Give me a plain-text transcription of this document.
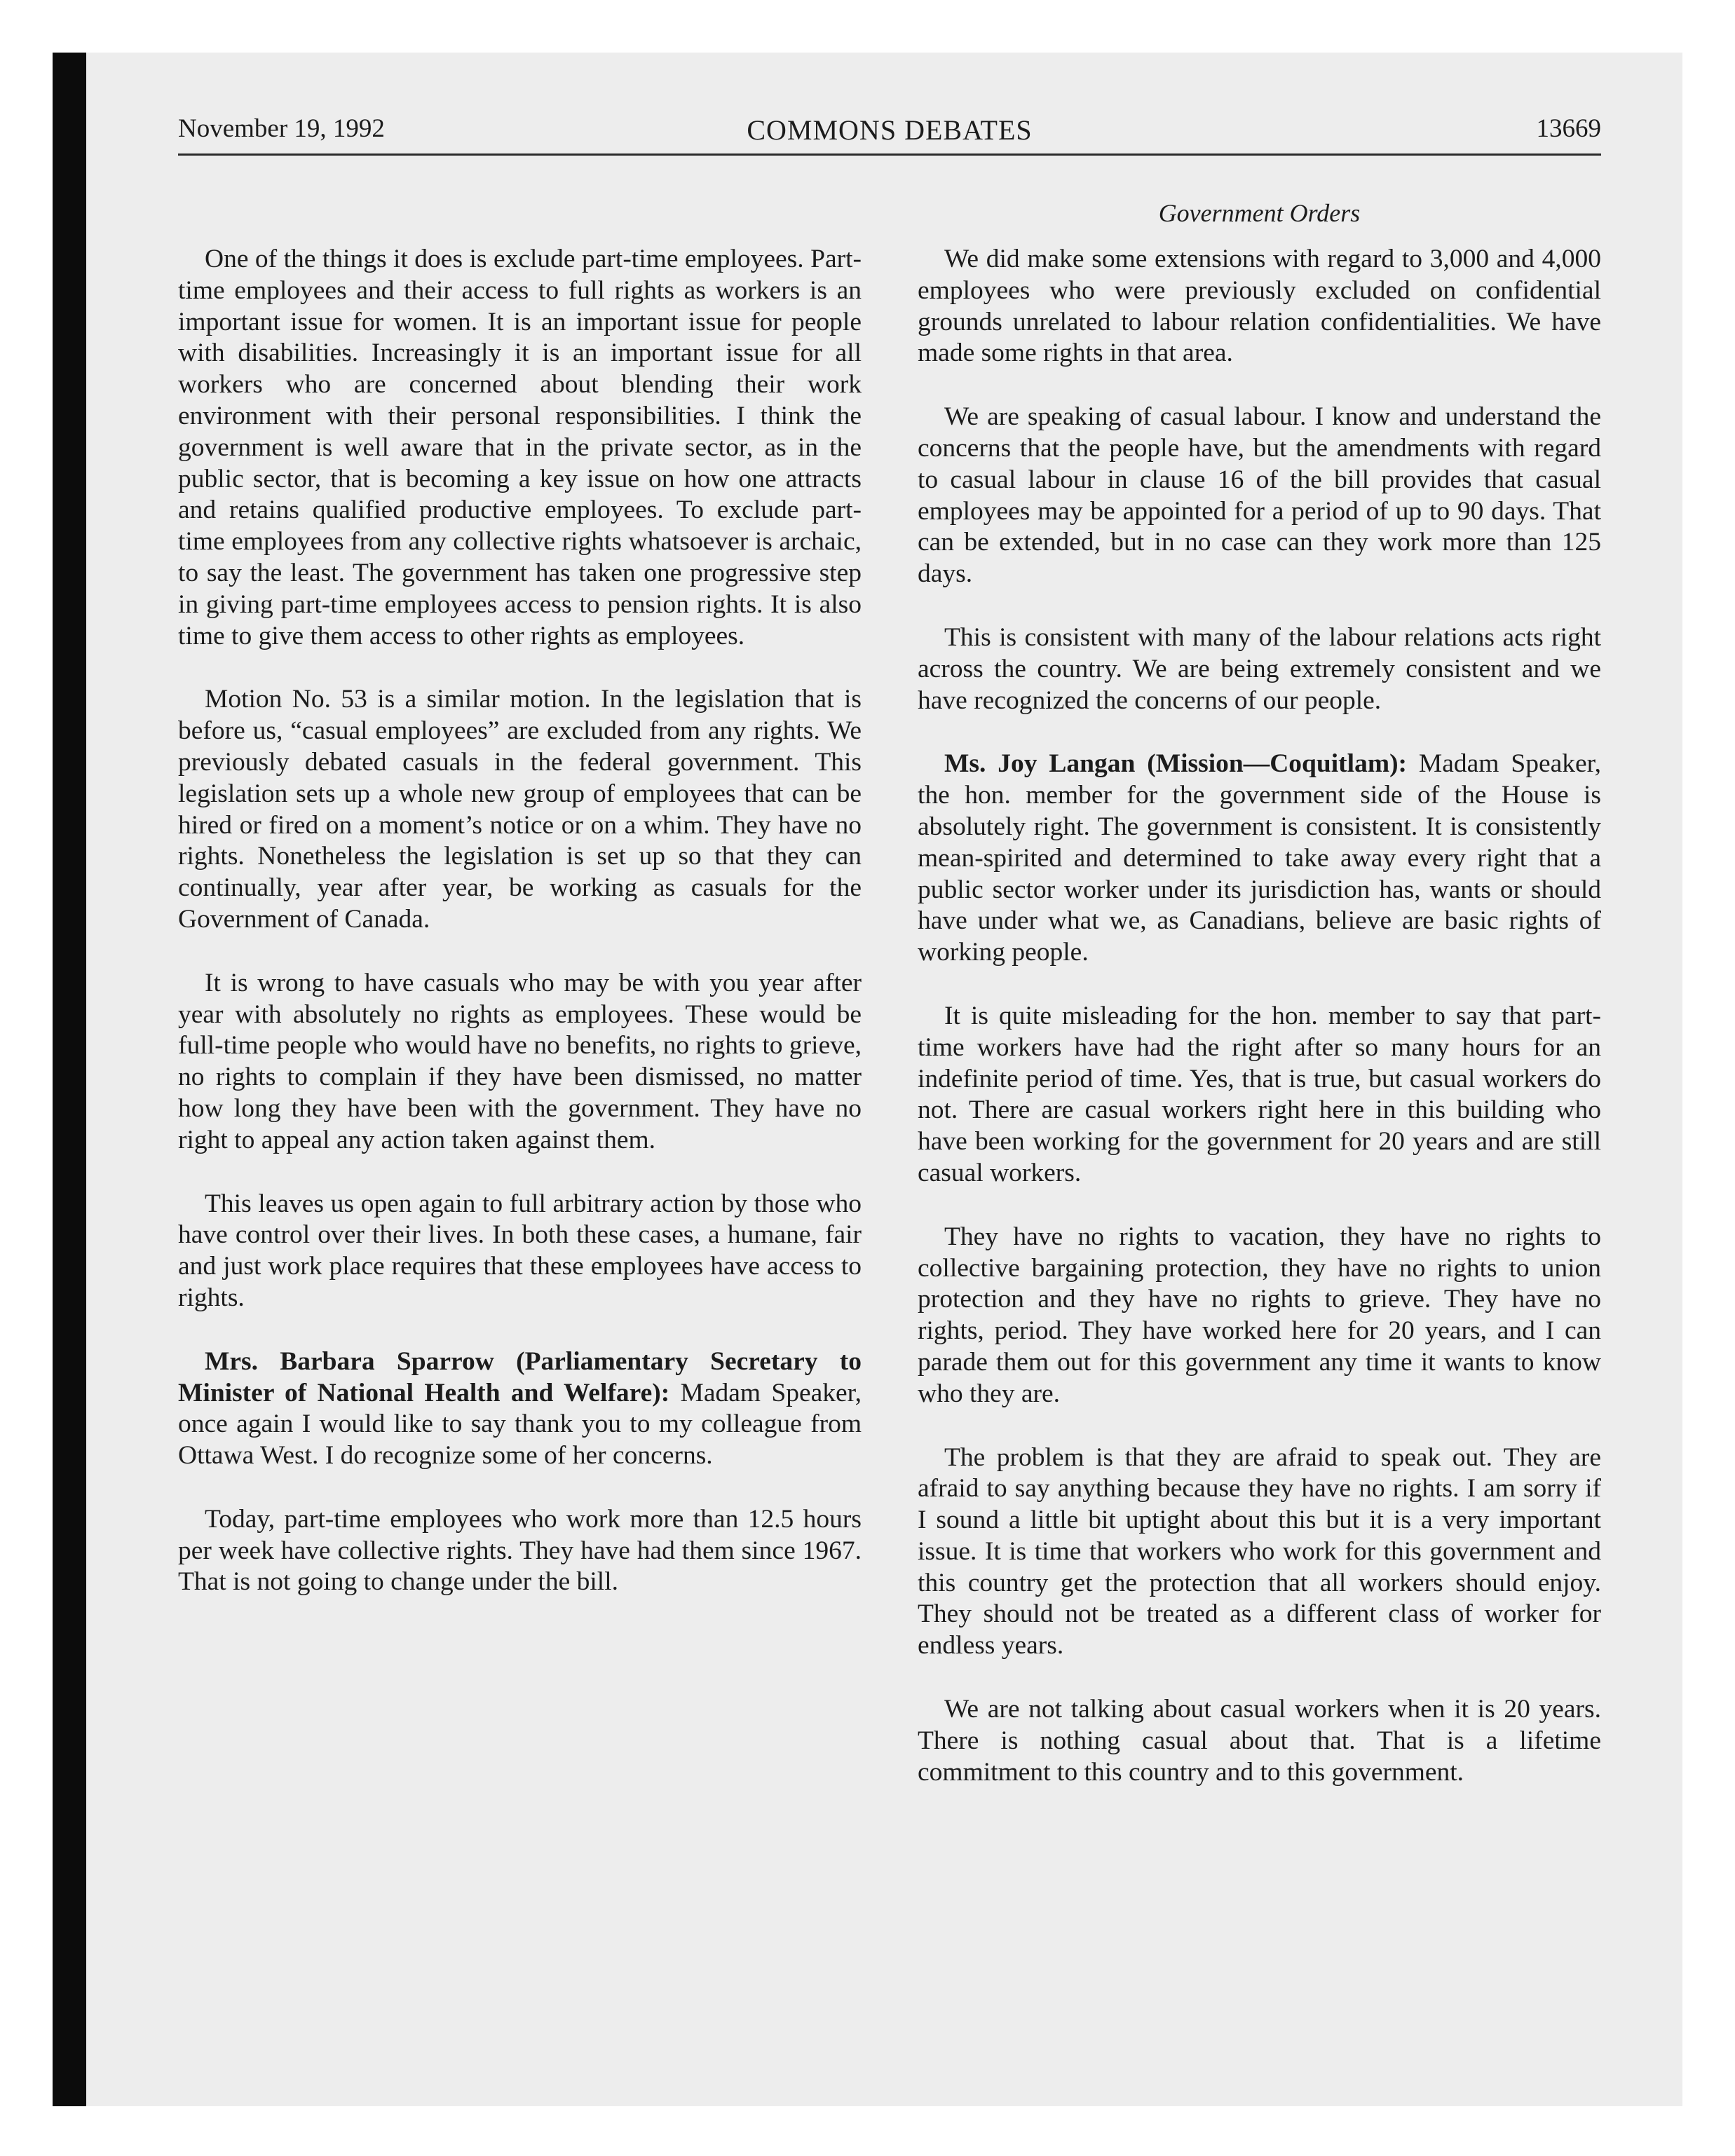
November 19, 1992	COMMONS DEBATES	13669
Government Orders

One of the things it does is exclude part-time employees. Part-time employees and their access to full rights as workers is an important issue for women. It is an important issue for people with disabilities. Increasingly it is an important issue for all workers who are concerned about blending their work environment with their personal responsibilities. I think the government is well aware that in the private sector, as in the public sector, that is becoming a key issue on how one attracts and retains qualified productive employees. To exclude part-time employees from any collective rights whatsoever is archaic, to say the least. The government has taken one progressive step in giving part-time employees access to pension rights. It is also time to give them access to other rights as employees.

Motion No. 53 is a similar motion. In the legislation that is before us, “casual employees” are excluded from any rights. We previously debated casuals in the federal government. This legislation sets up a whole new group of employees that can be hired or fired on a moment’s notice or on a whim. They have no rights. Nonetheless the legislation is set up so that they can continually, year after year, be working as casuals for the Government of Canada.

It is wrong to have casuals who may be with you year after year with absolutely no rights as employees. These would be full-time people who would have no benefits, no rights to grieve, no rights to complain if they have been dismissed, no matter how long they have been with the government. They have no right to appeal any action taken against them.

This leaves us open again to full arbitrary action by those who have control over their lives. In both these cases, a humane, fair and just work place requires that these employees have access to rights.

Mrs. Barbara Sparrow (Parliamentary Secretary to Minister of National Health and Welfare): Madam Speaker, once again I would like to say thank you to my colleague from Ottawa West. I do recognize some of her concerns.

Today, part-time employees who work more than 12.5 hours per week have collective rights. They have had them since 1967. That is not going to change under the bill.

We did make some extensions with regard to 3,000 and 4,000 employees who were previously excluded on confidential grounds unrelated to labour relation confidentialities. We have made some rights in that area.

We are speaking of casual labour. I know and understand the concerns that the people have, but the amendments with regard to casual labour in clause 16 of the bill provides that casual employees may be appointed for a period of up to 90 days. That can be extended, but in no case can they work more than 125 days.

This is consistent with many of the labour relations acts right across the country. We are being extremely consistent and we have recognized the concerns of our people.

Ms. Joy Langan (Mission—Coquitlam): Madam Speaker, the hon. member for the government side of the House is absolutely right. The government is consistent. It is consistently mean-spirited and determined to take away every right that a public sector worker under its jurisdiction has, wants or should have under what we, as Canadians, believe are basic rights of working people.

It is quite misleading for the hon. member to say that part-time workers have had the right after so many hours for an indefinite period of time. Yes, that is true, but casual workers do not. There are casual workers right here in this building who have been working for the government for 20 years and are still casual workers.

They have no rights to vacation, they have no rights to collective bargaining protection, they have no rights to union protection and they have no rights to grieve. They have no rights, period. They have worked here for 20 years, and I can parade them out for this government any time it wants to know who they are.

The problem is that they are afraid to speak out. They are afraid to say anything because they have no rights. I am sorry if I sound a little bit uptight about this but it is a very important issue. It is time that workers who work for this government and this country get the protection that all workers should enjoy. They should not be treated as a different class of worker for endless years.

We are not talking about casual workers when it is 20 years. There is nothing casual about that. That is a lifetime commitment to this country and to this government.
